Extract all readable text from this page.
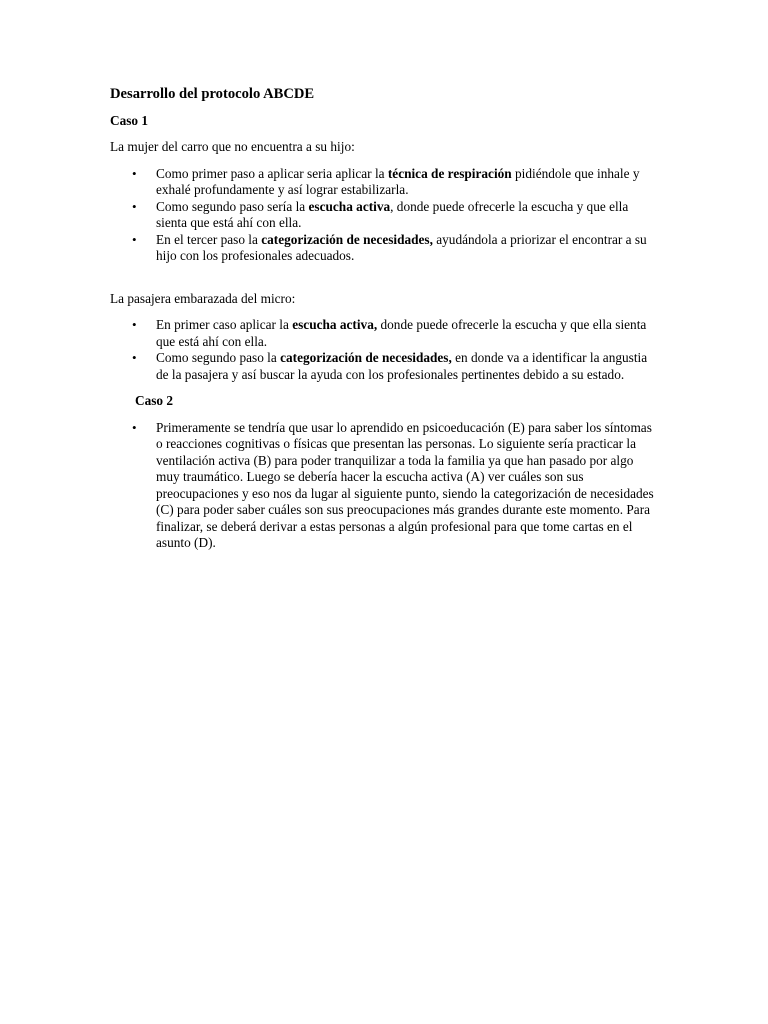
Desarrollo del protocolo ABCDE
Caso 1
La mujer del carro que no encuentra a su hijo:
• Como primer paso a aplicar seria aplicar la técnica de respiración pidiéndole que inhale y exhalé profundamente y así lograr estabilizarla.
• Como segundo paso sería la escucha activa, donde puede ofrecerle la escucha y que ella sienta que está ahí con ella.
• En el tercer paso la categorización de necesidades, ayudándola a priorizar el encontrar a su hijo con los profesionales adecuados.
La pasajera embarazada del micro:
• En primer caso aplicar la escucha activa, donde puede ofrecerle la escucha y que ella sienta que está ahí con ella.
• Como segundo paso la categorización de necesidades, en donde va a identificar la angustia de la pasajera y así buscar la ayuda con los profesionales pertinentes debido a su estado.
Caso 2
• Primeramente se tendría que usar lo aprendido en psicoeducación (E) para saber los síntomas o reacciones cognitivas o físicas que presentan las personas. Lo siguiente sería practicar la ventilación activa (B) para poder tranquilizar a toda la familia ya que han pasado por algo muy traumático. Luego se debería hacer la escucha activa (A) ver cuáles son sus preocupaciones y eso nos da lugar al siguiente punto, siendo la categorización de necesidades (C) para poder saber cuáles son sus preocupaciones más grandes durante este momento. Para finalizar, se deberá derivar a estas personas a algún profesional para que tome cartas en el asunto (D).
